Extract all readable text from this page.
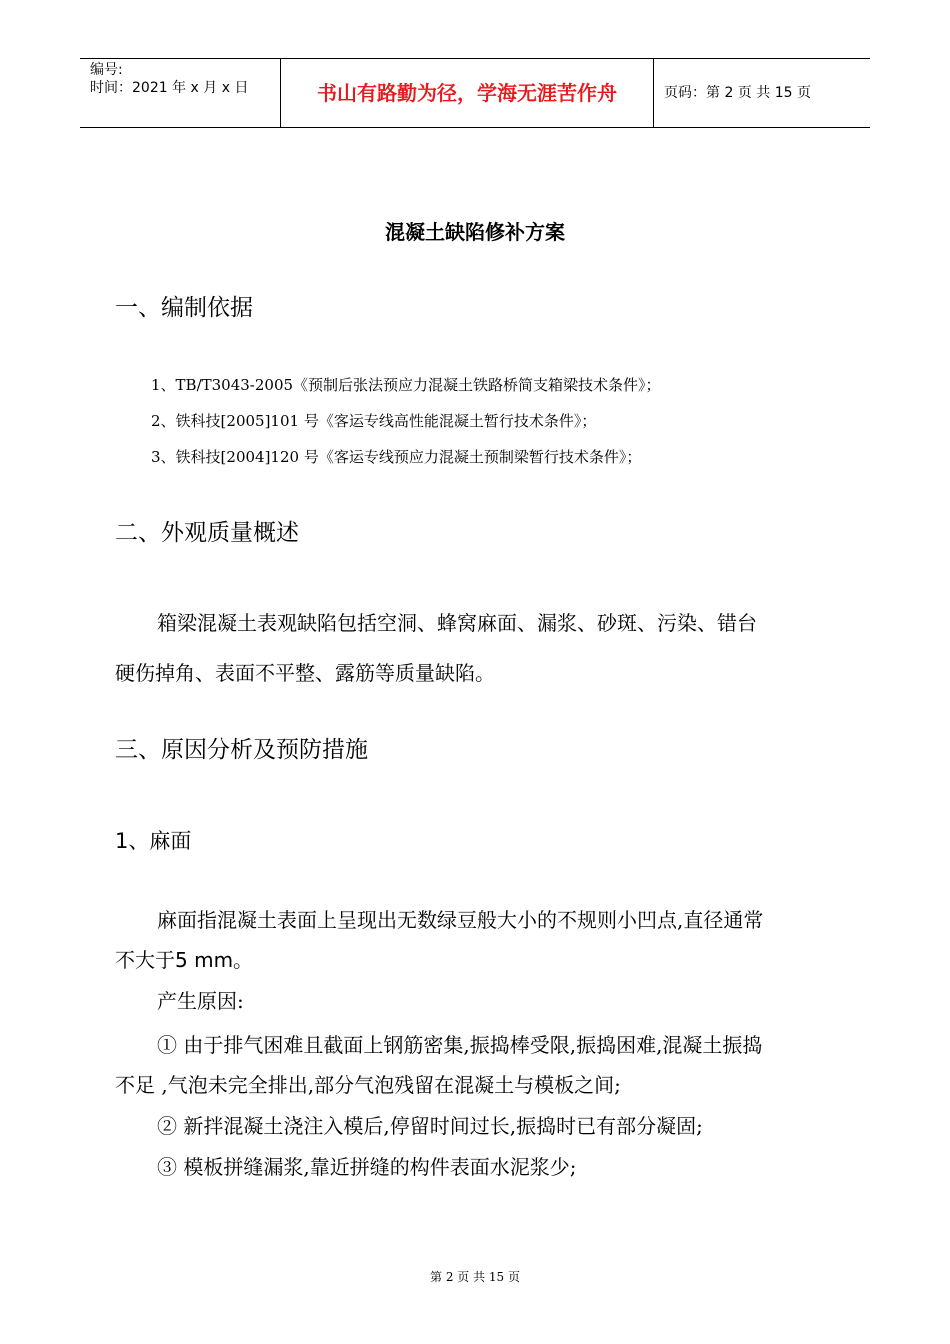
编号:
时间：2021 年 x 月 x 日	书山有路勤为径，学海无涯苦作舟	页码：第 2 页 共 15 页
混凝土缺陷修补方案
一、编制依据
1、TB/T3043-2005《预制后张法预应力混凝土铁路桥简支箱梁技术条件》；
2、铁科技[2005]101 号《客运专线高性能混凝土暂行技术条件》；
3、铁科技[2004]120 号《客运专线预应力混凝土预制梁暂行技术条件》；
二、外观质量概述
箱梁混凝土表观缺陷包括空洞、蜂窝麻面、漏浆、砂斑、污染、错台
硬伤掉角、表面不平整、露筋等质量缺陷。
三、原因分析及预防措施
1、麻面
麻面指混凝土表面上呈现出无数绿豆般大小的不规则小凹点,直径通常
不大于5 mm。
产生原因:
① 由于排气困难且截面上钢筋密集,振捣棒受限,振捣困难,混凝土振捣
不足 ,气泡未完全排出,部分气泡残留在混凝土与模板之间;
② 新拌混凝土浇注入模后,停留时间过长,振捣时已有部分凝固;
③ 模板拼缝漏浆,靠近拼缝的构件表面水泥浆少;
第 2 页 共 15 页
